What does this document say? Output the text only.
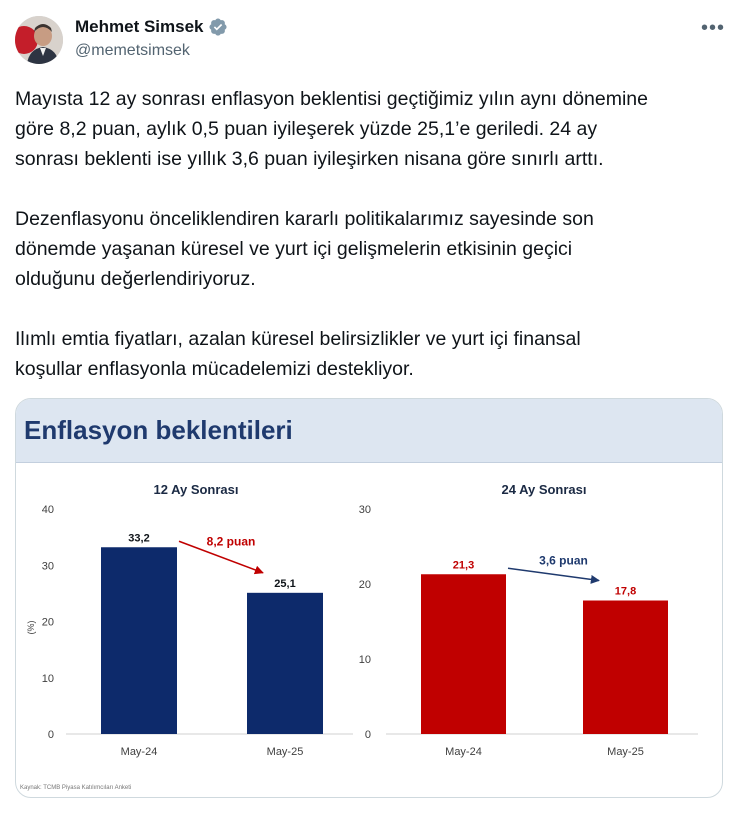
Mehmet Simsek
@memetsimsek
•••

Mayısta 12 ay sonrası enflasyon beklentisi geçtiğimiz yılın aynı dönemine

göre 8,2 puan, aylık 0,5 puan iyileşerek yüzde 25,1’e geriledi. 24 ay

sonrası beklenti ise yıllık 3,6 puan iyileşirken nisana göre sınırlı arttı.

Dezenflasyonu önceliklendiren kararlı politikalarımız sayesinde son

dönemde yaşanan küresel ve yurt içi gelişmelerin etkisinin geçici

olduğunu değerlendiriyoruz.

Ilımlı emtia fiyatları, azalan küresel belirsizlikler ve yurt içi finansal

koşullar enflasyonla mücadelemizi destekliyor.

Enflasyon beklentileri
12 Ay Sonrası
0
10
20
30
40
(%)
33,2
May-24
25,1
May-25
8,2 puan
24 Ay Sonrası
0
10
20
30
21,3
May-24
17,8
May-25
3,6 puan
Kaynak: TCMB Piyasa Katılımcıları Anketi
